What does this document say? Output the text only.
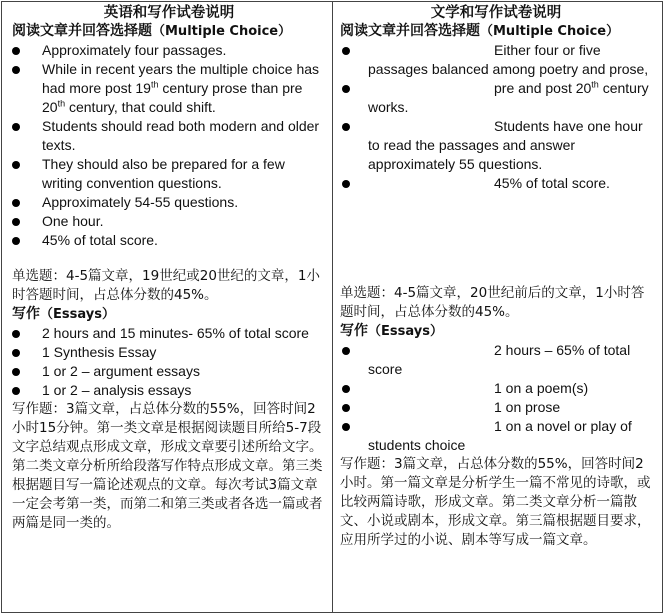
英语和写作试卷说明

阅读文章并回答选择题（Multiple Choice）

Approximately four passages.
While in recent years the multiple choice has had more post 19th century prose than pre 20th century, that could shift.
Students should read both modern and older texts.
They should also be prepared for a few writing convention questions.
Approximately 54-55 questions.
One hour.
45% of total score.

单选题：4-5篇文章，19世纪或20世纪的文章，1小时答题时间，占总体分数的45%。

写作（Essays）

2 hours and 15 minutes- 65% of total score
1 Synthesis Essay
1 or 2 – argument essays
1 or 2 – analysis essays

写作题：3篇文章，占总体分数的55%，回答时间2小时15分钟。第一类文章是根据阅读题目所给5-7段文字总结观点形成文章，形成文章要引述所给文字。第二类文章分析所给段落写作特点形成文章。第三类根据题目写一篇论述观点的文章。每次考试3篇文章一定会考第一类，而第二和第三类或者各选一篇或者两篇是同一类的。

文学和写作试卷说明

阅读文章并回答选择题（Multiple Choice）

Either four or five passages balanced among poetry and prose,
pre and post 20th century works.
Students have one hour to read the passages and answer approximately 55 questions.
45% of total score.

单选题：4-5篇文章，20世纪前后的文章，1小时答题时间，占总体分数的45%。

写作（Essays）

2 hours – 65% of total score
1 on a poem(s)
1 on prose
1 on a novel or play of students choice

写作题：3篇文章，占总体分数的55%，回答时间2小时。第一篇文章是分析学生一篇不常见的诗歌，或比较两篇诗歌，形成文章。第二类文章分析一篇散文、小说或剧本，形成文章。第三篇根据题目要求，应用所学过的小说、剧本等写成一篇文章。
